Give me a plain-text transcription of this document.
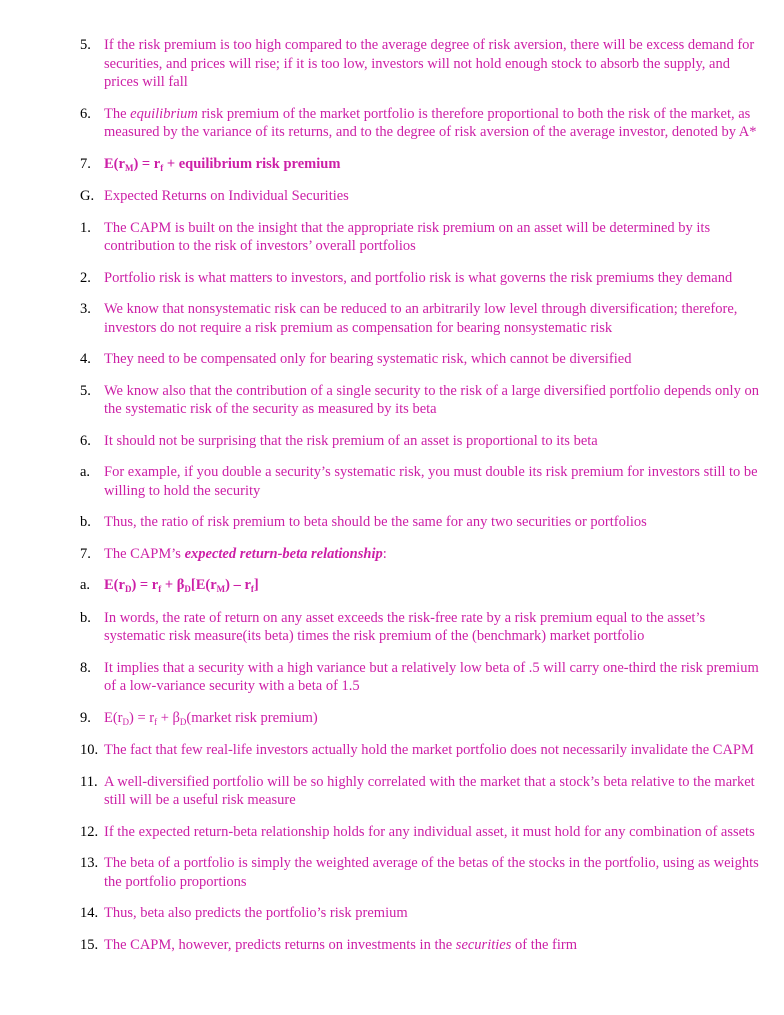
5. If the risk premium is too high compared to the average degree of risk aversion, there will be excess demand for securities, and prices will rise; if it is too low, investors will not hold enough stock to absorb the supply, and prices will fall
6. The equilibrium risk premium of the market portfolio is therefore proportional to both the risk of the market, as measured by the variance of its returns, and to the degree of risk aversion of the average investor, denoted by A*
7. $E(r_M) = r_f$ + equilibrium risk premium
G. Expected Returns on Individual Securities
1. The CAPM is built on the insight that the appropriate risk premium on an asset will be determined by its contribution to the risk of investors’ overall portfolios
2. Portfolio risk is what matters to investors, and portfolio risk is what governs the risk premiums they demand
3. We know that nonsystematic risk can be reduced to an arbitrarily low level through diversification; therefore, investors do not require a risk premium as compensation for bearing nonsystematic risk
4. They need to be compensated only for bearing systematic risk, which cannot be diversified
5. We know also that the contribution of a single security to the risk of a large diversified portfolio depends only on the systematic risk of the security as measured by its beta
6. It should not be surprising that the risk premium of an asset is proportional to its beta
a. For example, if you double a security’s systematic risk, you must double its risk premium for investors still to be willing to hold the security
b. Thus, the ratio of risk premium to beta should be the same for any two securities or portfolios
7. The CAPM’s expected return-beta relationship:
a. $E(r_D) = r_f + \beta_D[E(r_M) - r_f]$
b. In words, the rate of return on any asset exceeds the risk-free rate by a risk premium equal to the asset’s systematic risk measure(its beta) times the risk premium of the (benchmark) market portfolio
8. It implies that a security with a high variance but a relatively low beta of .5 will carry one-third the risk premium of a low-variance security with a beta of 1.5
9. $E(r_D) = r_f$ + $\beta_D(market$ risk premium)
10. The fact that few real-life investors actually hold the market portfolio does not necessarily invalidate the CAPM
11. A well-diversified portfolio will be so highly correlated with the market that a stock’s beta relative to the market still will be a useful risk measure
12. If the expected return-beta relationship holds for any individual asset, it must hold for any combination of assets
13. The beta of a portfolio is simply the weighted average of the betas of the stocks in the portfolio, using as weights the portfolio proportions
14. Thus, beta also predicts the portfolio’s risk premium
15. The CAPM, however, predicts returns on investments in the securities of the firm
